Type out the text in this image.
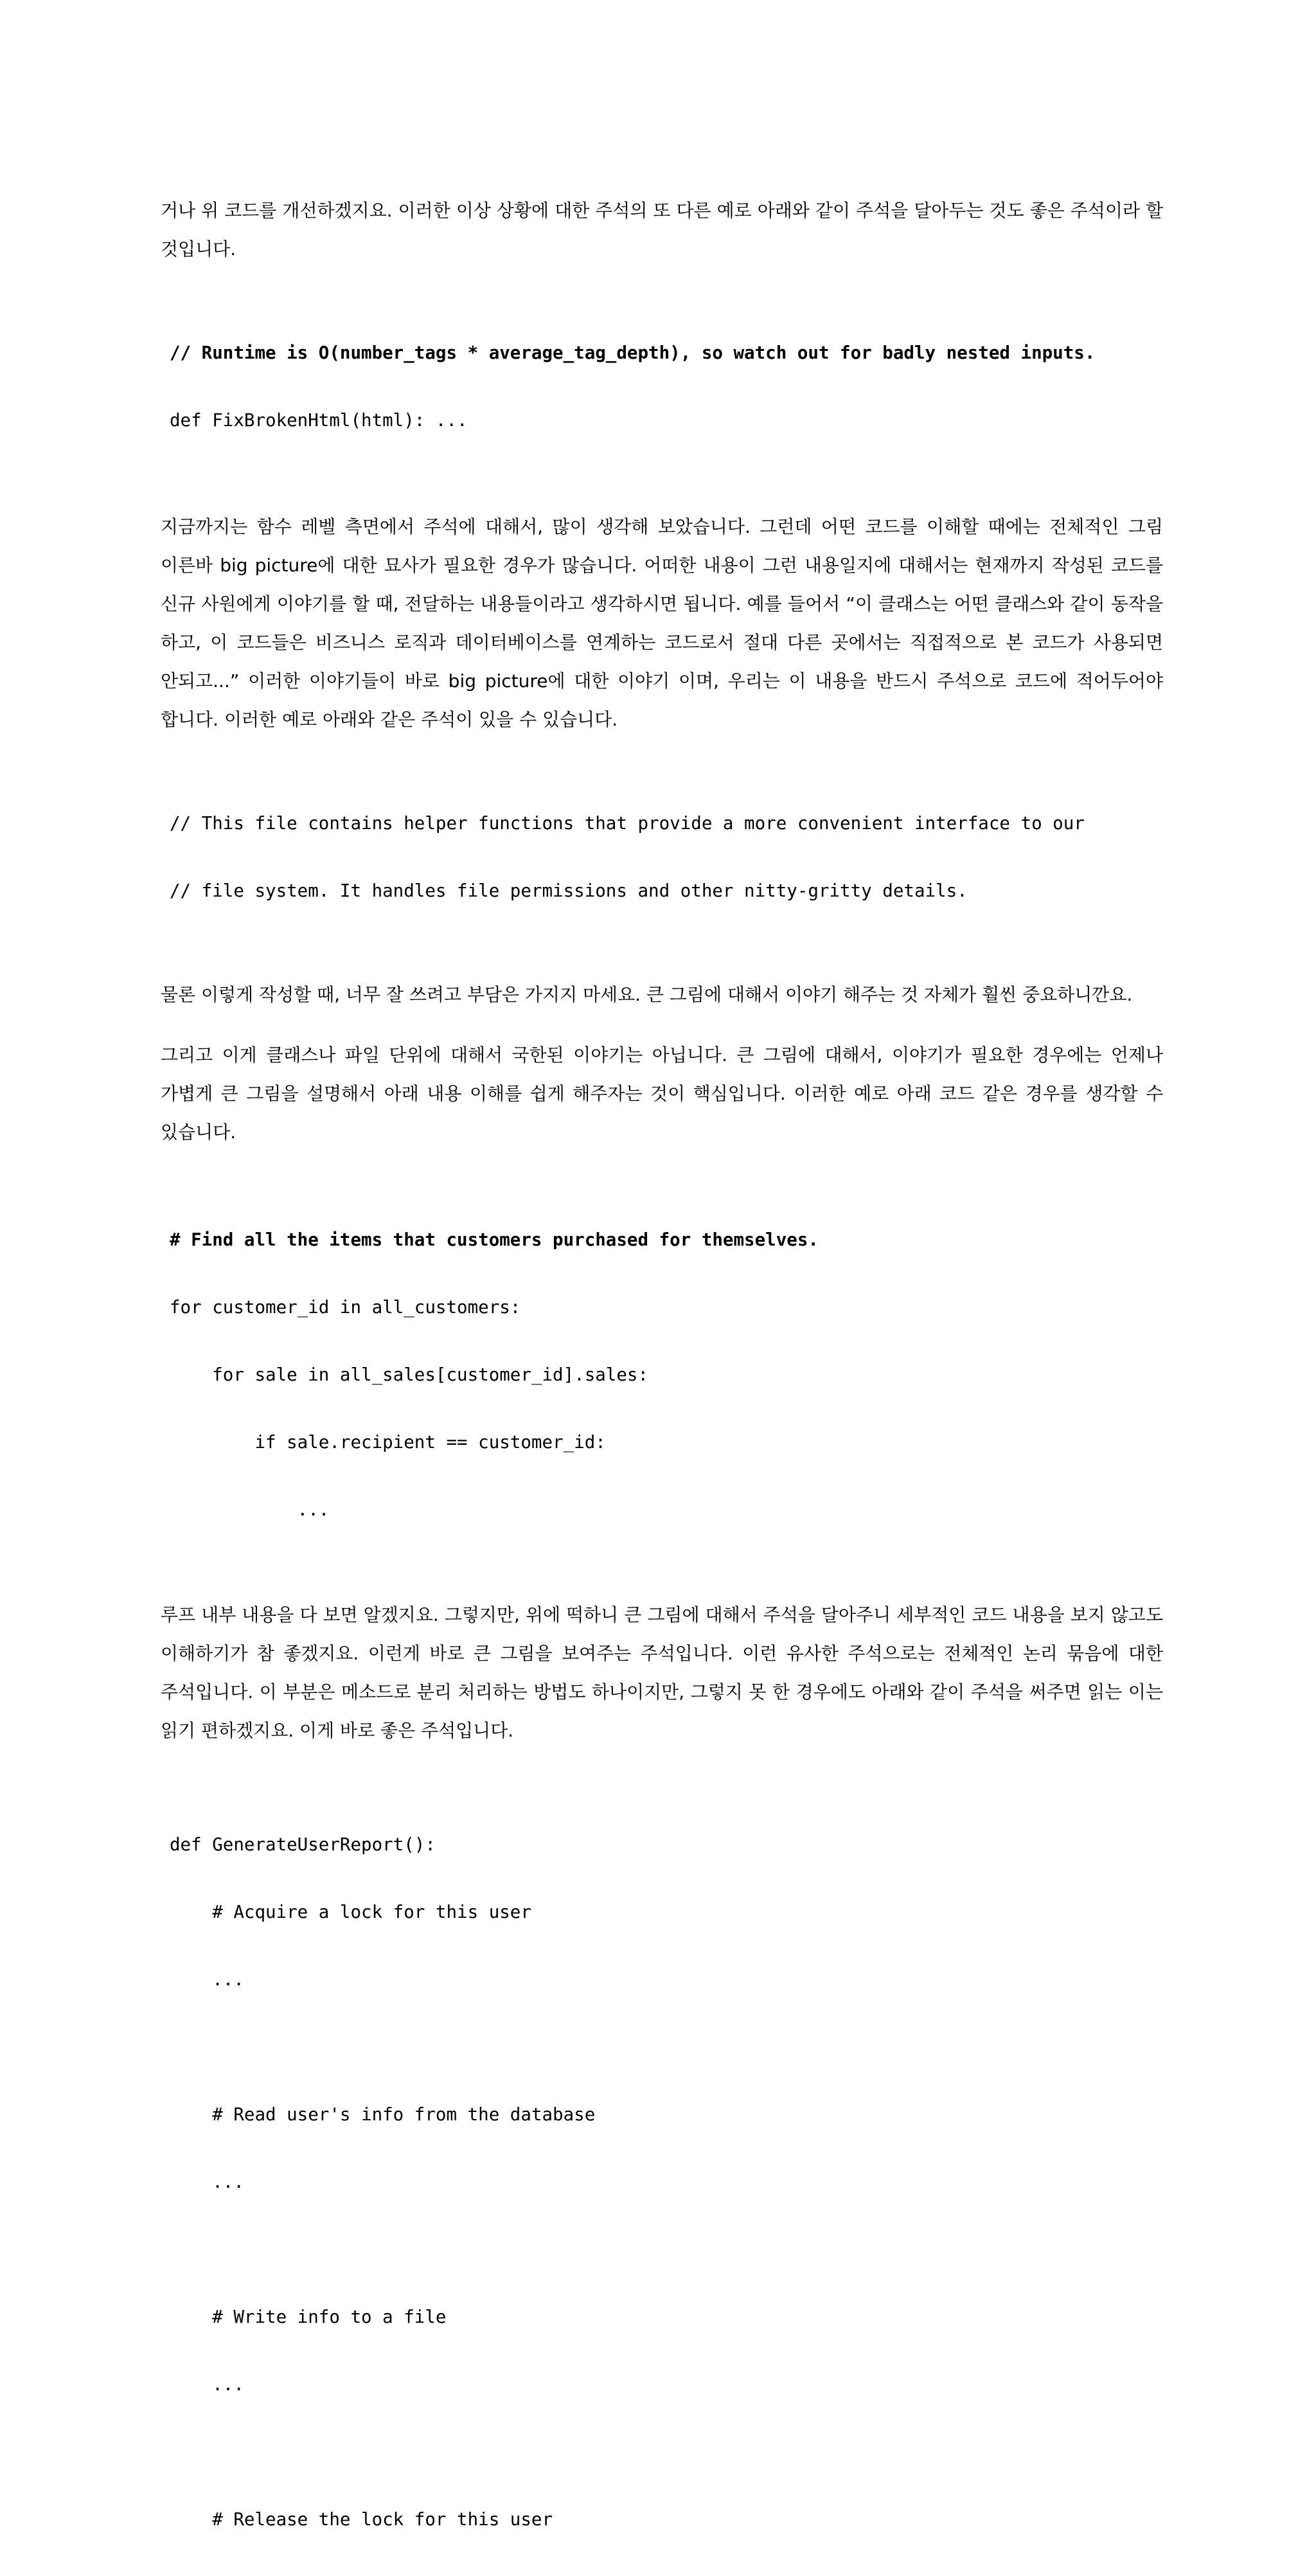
거나 위 코드를 개선하겠지요. 이러한 이상 상황에 대한 주석의 또 다른 예로 아래와 같이 주석을 달아두는 것도 좋은 주석이라 할 것입니다.

// Runtime is O(number_tags * average_tag_depth), so watch out for badly nested inputs.

def FixBrokenHtml(html): ...

지금까지는 함수 레벨 측면에서 주석에 대해서, 많이 생각해 보았습니다. 그런데 어떤 코드를 이해할 때에는 전체적인 그림 이른바 big picture에 대한 묘사가 필요한 경우가 많습니다. 어떠한 내용이 그런 내용일지에 대해서는 현재까지 작성된 코드를 신규 사원에게 이야기를 할 때, 전달하는 내용들이라고 생각하시면 됩니다. 예를 들어서 “이 클래스는 어떤 클래스와 같이 동작을 하고, 이 코드들은 비즈니스 로직과 데이터베이스를 연계하는 코드로서 절대 다른 곳에서는 직접적으로 본 코드가 사용되면 안되고...” 이러한 이야기들이 바로 big picture에 대한 이야기 이며, 우리는 이 내용을 반드시 주석으로 코드에 적어두어야 합니다. 이러한 예로 아래와 같은 주석이 있을 수 있습니다.

// This file contains helper functions that provide a more convenient interface to our

// file system. It handles file permissions and other nitty-gritty details.

물론 이렇게 작성할 때, 너무 잘 쓰려고 부담은 가지지 마세요. 큰 그림에 대해서 이야기 해주는 것 자체가 훨씬 중요하니깐요.

그리고 이게 클래스나 파일 단위에 대해서 국한된 이야기는 아닙니다. 큰 그림에 대해서, 이야기가 필요한 경우에는 언제나 가볍게 큰 그림을 설명해서 아래 내용 이해를 쉽게 해주자는 것이 핵심입니다. 이러한 예로 아래 코드 같은 경우를 생각할 수 있습니다.

# Find all the items that customers purchased for themselves.

for customer_id in all_customers:

for sale in all_sales[customer_id].sales:

if sale.recipient == customer_id:

...

루프 내부 내용을 다 보면 알겠지요. 그렇지만, 위에 떡하니 큰 그림에 대해서 주석을 달아주니 세부적인 코드 내용을 보지 않고도 이해하기가 참 좋겠지요. 이런게 바로 큰 그림을 보여주는 주석입니다. 이런 유사한 주석으로는 전체적인 논리 묶음에 대한 주석입니다. 이 부분은 메소드로 분리 처리하는 방법도 하나이지만, 그렇지 못 한 경우에도 아래와 같이 주석을 써주면 읽는 이는 읽기 편하겠지요. 이게 바로 좋은 주석입니다.

def GenerateUserReport():

# Acquire a lock for this user

...

# Read user's info from the database

...

# Write info to a file

...

# Release the lock for this user
